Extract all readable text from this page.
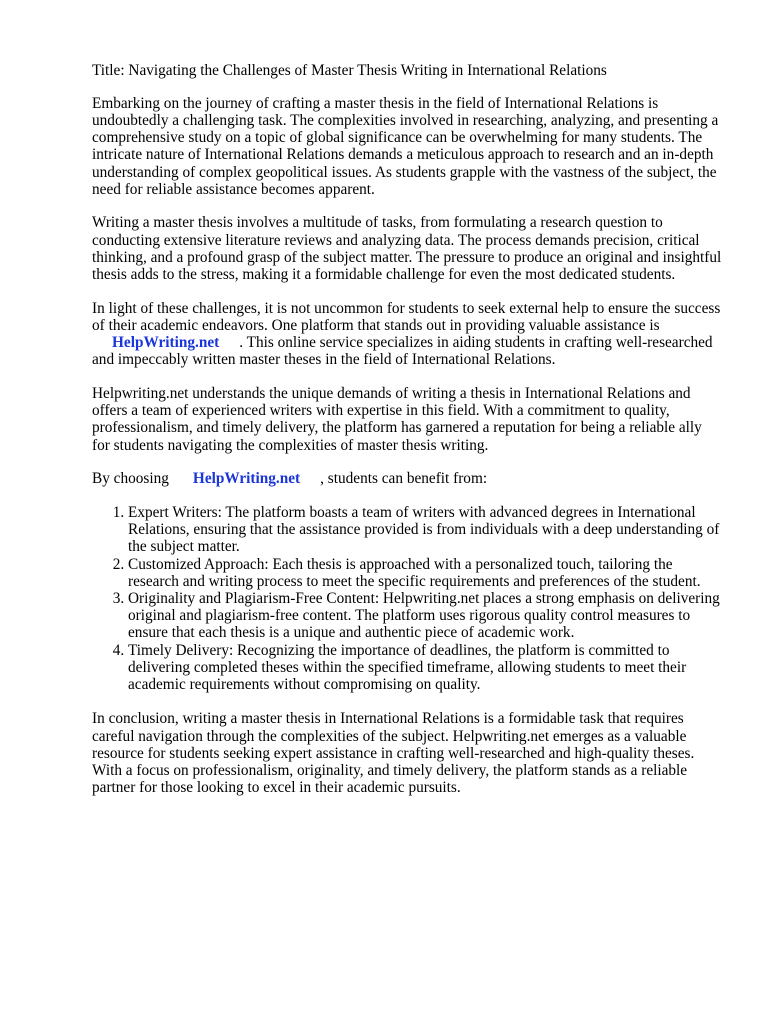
Title: Navigating the Challenges of Master Thesis Writing in International Relations

Embarking on the journey of crafting a master thesis in the field of International Relations is undoubtedly a challenging task. The complexities involved in researching, analyzing, and presenting a comprehensive study on a topic of global significance can be overwhelming for many students. The intricate nature of International Relations demands a meticulous approach to research and an in-depth understanding of complex geopolitical issues. As students grapple with the vastness of the subject, the need for reliable assistance becomes apparent.

Writing a master thesis involves a multitude of tasks, from formulating a research question to conducting extensive literature reviews and analyzing data. The process demands precision, critical thinking, and a profound grasp of the subject matter. The pressure to produce an original and insightful thesis adds to the stress, making it a formidable challenge for even the most dedicated students.

In light of these challenges, it is not uncommon for students to seek external help to ensure the success of their academic endeavors. One platform that stands out in providing valuable assistance is
HelpWriting.net . This online service specializes in aiding students in crafting well-researched and impeccably written master theses in the field of International Relations.

Helpwriting.net understands the unique demands of writing a thesis in International Relations and offers a team of experienced writers with expertise in this field. With a commitment to quality, professionalism, and timely delivery, the platform has garnered a reputation for being a reliable ally for students navigating the complexities of master thesis writing.

By choosing HelpWriting.net , students can benefit from:

1. Expert Writers: The platform boasts a team of writers with advanced degrees in International Relations, ensuring that the assistance provided is from individuals with a deep understanding of the subject matter.
2. Customized Approach: Each thesis is approached with a personalized touch, tailoring the research and writing process to meet the specific requirements and preferences of the student.
3. Originality and Plagiarism-Free Content: Helpwriting.net places a strong emphasis on delivering original and plagiarism-free content. The platform uses rigorous quality control measures to ensure that each thesis is a unique and authentic piece of academic work.
4. Timely Delivery: Recognizing the importance of deadlines, the platform is committed to delivering completed theses within the specified timeframe, allowing students to meet their academic requirements without compromising on quality.

In conclusion, writing a master thesis in International Relations is a formidable task that requires careful navigation through the complexities of the subject. Helpwriting.net emerges as a valuable resource for students seeking expert assistance in crafting well-researched and high-quality theses. With a focus on professionalism, originality, and timely delivery, the platform stands as a reliable partner for those looking to excel in their academic pursuits.
